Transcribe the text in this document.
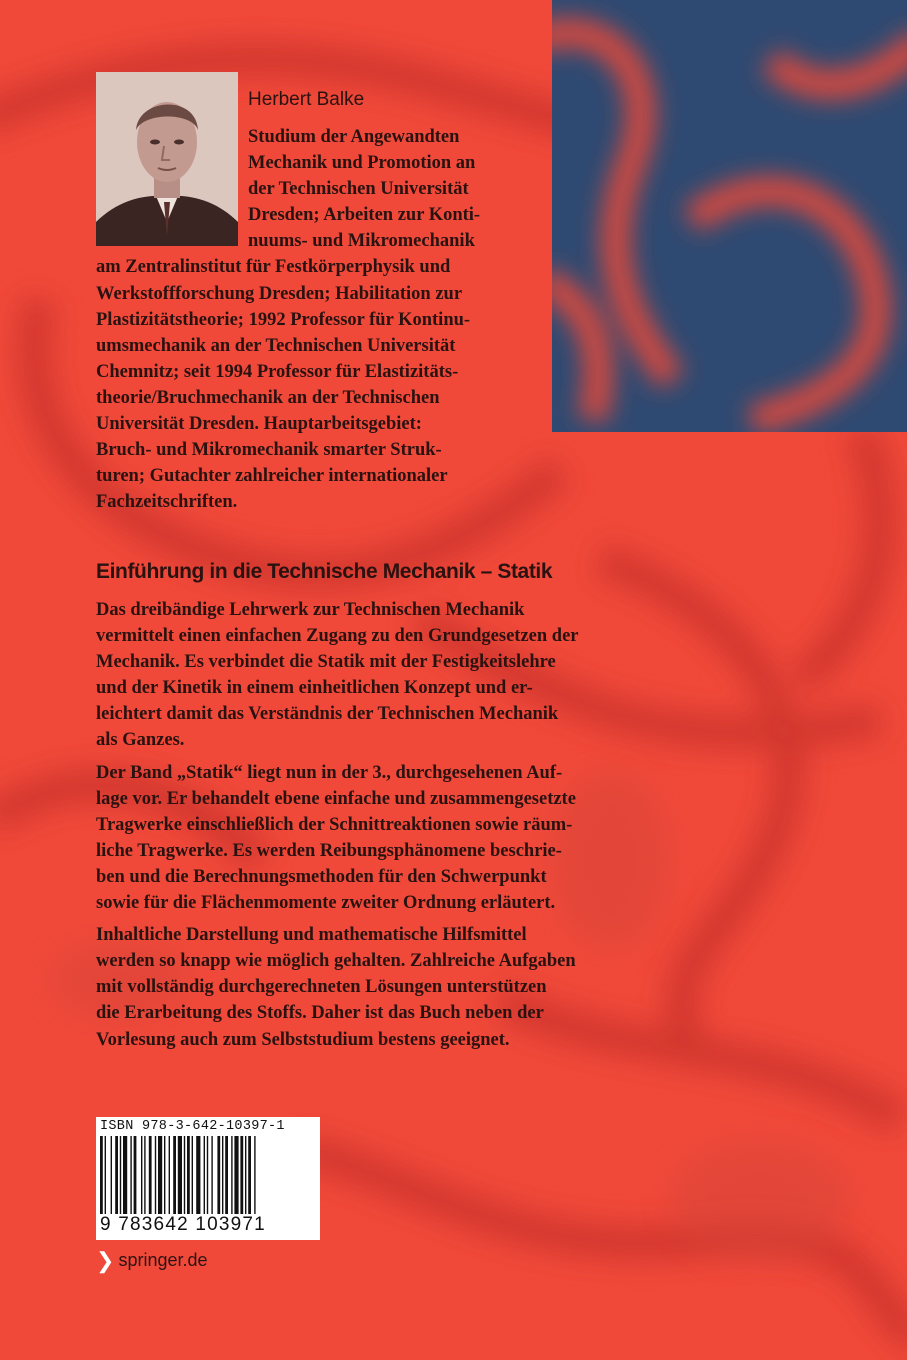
Herbert Balke
Studium der Angewandten
Mechanik und Promotion an
der Technischen Universität
Dresden; Arbeiten zur Konti-
nuums- und Mikromechanik
am Zentralinstitut für Festkörperphysik und
Werkstoffforschung Dresden; Habilitation zur
Plastizitätstheorie; 1992 Professor für Kontinu-
umsmechanik an der Technischen Universität
Chemnitz; seit 1994 Professor für Elastizitäts-
theorie/Bruchmechanik an der Technischen
Universität Dresden. Hauptarbeitsgebiet:
Bruch- und Mikromechanik smarter Struk-
turen; Gutachter zahlreicher internationaler
Fachzeitschriften.
Einführung in die Technische Mechanik – Statik
Das dreibändige Lehrwerk zur Technischen Mechanik
vermittelt einen einfachen Zugang zu den Grundgesetzen der
Mechanik. Es verbindet die Statik mit der Festigkeitslehre
und der Kinetik in einem einheitlichen Konzept und er-
leichtert damit das Verständnis der Technischen Mechanik
als Ganzes.
Der Band „Statik“ liegt nun in der 3., durchgesehenen Auf-
lage vor. Er behandelt ebene einfache und zusammengesetzte
Tragwerke einschließlich der Schnittreaktionen sowie räum-
liche Tragwerke. Es werden Reibungsphänomene beschrie-
ben und die Berechnungsmethoden für den Schwerpunkt
sowie für die Flächenmomente zweiter Ordnung erläutert.
Inhaltliche Darstellung und mathematische Hilfsmittel
werden so knapp wie möglich gehalten. Zahlreiche Aufgaben
mit vollständig durchgerechneten Lösungen unterstützen
die Erarbeitung des Stoffs. Daher ist das Buch neben der
Vorlesung auch zum Selbststudium bestens geeignet.
ISBN 978-3-642-10397-1
9 783642 103971
❯ springer.de
